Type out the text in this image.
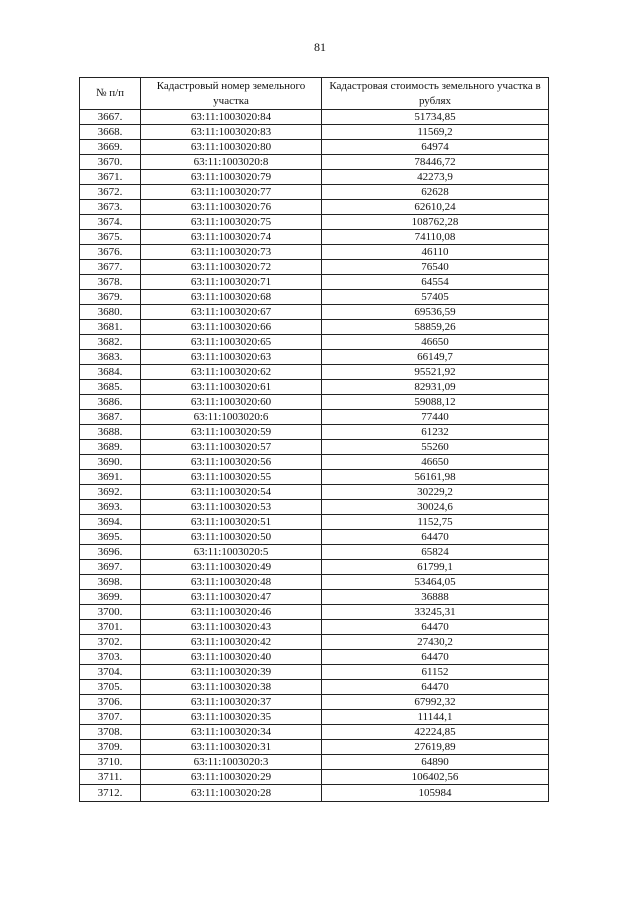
81
№ п/п	Кадастровый номер земельного участка	Кадастровая стоимость земельного участка в рублях
3667.	63:11:1003020:84	51734,85
3668.	63:11:1003020:83	11569,2
3669.	63:11:1003020:80	64974
3670.	63:11:1003020:8	78446,72
3671.	63:11:1003020:79	42273,9
3672.	63:11:1003020:77	62628
3673.	63:11:1003020:76	62610,24
3674.	63:11:1003020:75	108762,28
3675.	63:11:1003020:74	74110,08
3676.	63:11:1003020:73	46110
3677.	63:11:1003020:72	76540
3678.	63:11:1003020:71	64554
3679.	63:11:1003020:68	57405
3680.	63:11:1003020:67	69536,59
3681.	63:11:1003020:66	58859,26
3682.	63:11:1003020:65	46650
3683.	63:11:1003020:63	66149,7
3684.	63:11:1003020:62	95521,92
3685.	63:11:1003020:61	82931,09
3686.	63:11:1003020:60	59088,12
3687.	63:11:1003020:6	77440
3688.	63:11:1003020:59	61232
3689.	63:11:1003020:57	55260
3690.	63:11:1003020:56	46650
3691.	63:11:1003020:55	56161,98
3692.	63:11:1003020:54	30229,2
3693.	63:11:1003020:53	30024,6
3694.	63:11:1003020:51	1152,75
3695.	63:11:1003020:50	64470
3696.	63:11:1003020:5	65824
3697.	63:11:1003020:49	61799,1
3698.	63:11:1003020:48	53464,05
3699.	63:11:1003020:47	36888
3700.	63:11:1003020:46	33245,31
3701.	63:11:1003020:43	64470
3702.	63:11:1003020:42	27430,2
3703.	63:11:1003020:40	64470
3704.	63:11:1003020:39	61152
3705.	63:11:1003020:38	64470
3706.	63:11:1003020:37	67992,32
3707.	63:11:1003020:35	11144,1
3708.	63:11:1003020:34	42224,85
3709.	63:11:1003020:31	27619,89
3710.	63:11:1003020:3	64890
3711.	63:11:1003020:29	106402,56
3712.	63:11:1003020:28	105984
